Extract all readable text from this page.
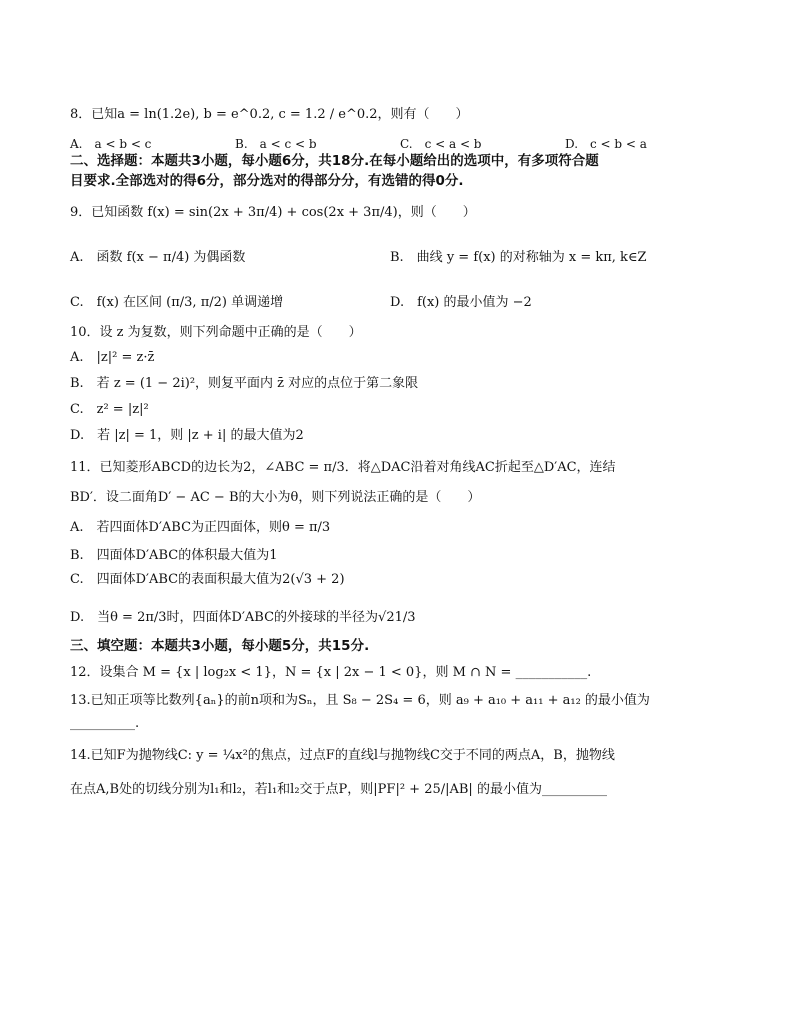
8．已知a = ln(1.2e), b = e^0.2, c = 1.2 / e^0.2，则有（　　）
A.　a < b < c	B.　a < c < b	C.　c < a < b	D.　c < b < a
二、选择题：本题共3小题，每小题6分，共18分.在每小题给出的选项中，有多项符合题
目要求.全部选对的得6分，部分选对的得部分分，有选错的得0分.
9．已知函数 f(x) = sin(2x + 3π/4) + cos(2x + 3π/4)，则（　　）
A.　函数 f(x − π/4) 为偶函数	B.　曲线 y = f(x) 的对称轴为 x = kπ, k∈Z
C.　f(x) 在区间 (π/3, π/2) 单调递增	D.　f(x) 的最小值为 −2
10．设 z 为复数，则下列命题中正确的是（　　）
A.　|z|² = z·z̄
B.　若 z = (1 − 2i)²，则复平面内 z̄ 对应的点位于第二象限
C.　z² = |z|²
D.　若 |z| = 1，则 |z + i| 的最大值为2
11．已知菱形ABCD的边长为2，∠ABC = π/3．将△DAC沿着对角线AC折起至△D′AC，连结
BD′．设二面角D′ − AC − B的大小为θ，则下列说法正确的是（　　）
A.　若四面体D′ABC为正四面体，则θ = π/3
B.　四面体D′ABC的体积最大值为1
C.　四面体D′ABC的表面积最大值为2(√3 + 2)
D.　当θ = 2π/3时，四面体D′ABC的外接球的半径为√21/3
三、填空题：本题共3小题，每小题5分，共15分.
12．设集合 M = {x | log₂x < 1}，N = {x | 2x − 1 < 0}，则 M ∩ N = ___________.
13.已知正项等比数列{aₙ}的前n项和为Sₙ，且 S₈ − 2S₄ = 6，则 a₉ + a₁₀ + a₁₁ + a₁₂ 的最小值为
__________.
14.已知F为抛物线C: y = ¼x²的焦点，过点F的直线l与抛物线C交于不同的两点A，B，抛物线
在点A,B处的切线分别为l₁和l₂，若l₁和l₂交于点P，则|PF|² + 25/|AB| 的最小值为__________
